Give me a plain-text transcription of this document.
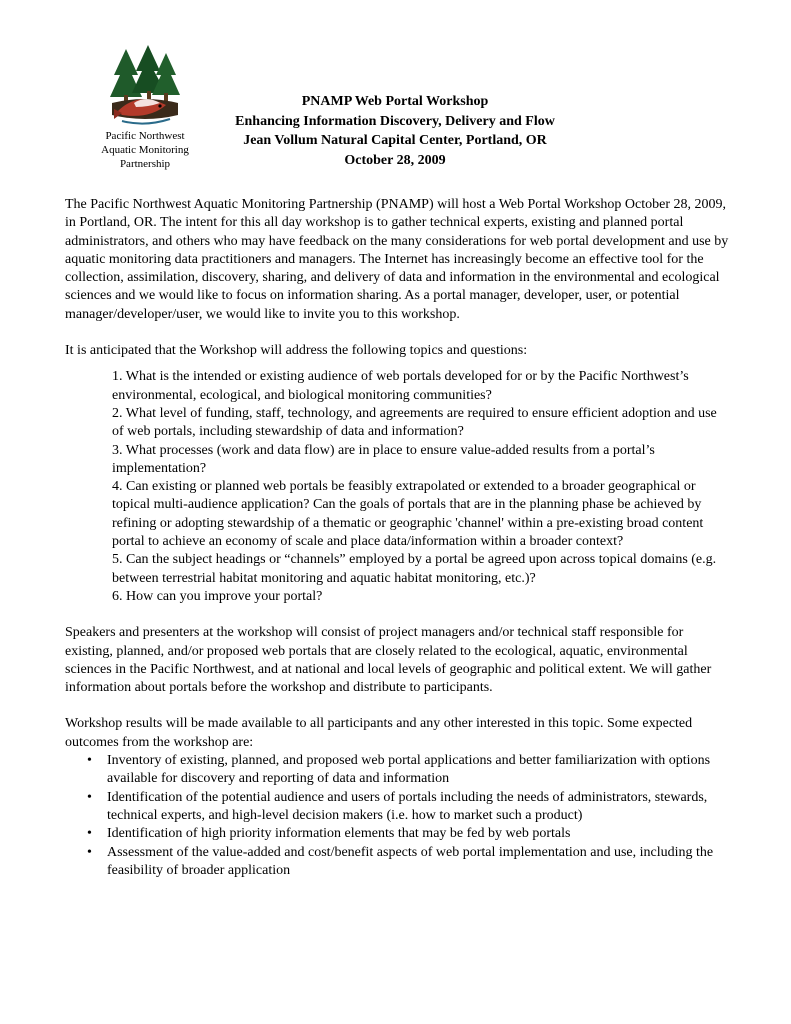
Pacific Northwest
Aquatic Monitoring
Partnership
PNAMP Web Portal Workshop
Enhancing Information Discovery, Delivery and Flow
Jean Vollum Natural Capital Center, Portland, OR
October 28, 2009

The Pacific Northwest Aquatic Monitoring Partnership (PNAMP) will host a Web Portal Workshop October 28, 2009, in Portland, OR. The intent for this all day workshop is to gather technical experts, existing and planned portal administrators, and others who may have feedback on the many considerations for web portal development and use by aquatic monitoring data practitioners and managers. The Internet has increasingly become an effective tool for the collection, assimilation, discovery, sharing, and delivery of data and information in the environmental and ecological sciences and we would like to focus on information sharing. As a portal manager, developer, user, or potential manager/developer/user, we would like to invite you to this workshop.

It is anticipated that the Workshop will address the following topics and questions:

1. What is the intended or existing audience of web portals developed for or by the Pacific Northwest’s environmental, ecological, and biological monitoring communities?
2. What level of funding, staff, technology, and agreements are required to ensure efficient adoption and use of web portals, including stewardship of data and information?
3. What processes (work and data flow) are in place to ensure value-added results from a portal’s implementation?
4. Can existing or planned web portals be feasibly extrapolated or extended to a broader geographical or topical multi-audience application? Can the goals of portals that are in the planning phase be achieved by refining or adopting stewardship of a thematic or geographic 'channel' within a pre-existing broad content portal to achieve an economy of scale and place data/information within a broader context?
5. Can the subject headings or “channels” employed by a portal be agreed upon across topical domains (e.g. between terrestrial habitat monitoring and aquatic habitat monitoring, etc.)?
6. How can you improve your portal?

Speakers and presenters at the workshop will consist of project managers and/or technical staff responsible for existing, planned, and/or proposed web portals that are closely related to the ecological, aquatic, environmental sciences in the Pacific Northwest, and at national and local levels of geographic and political extent. We will gather information about portals before the workshop and distribute to participants.

Workshop results will be made available to all participants and any other interested in this topic. Some expected outcomes from the workshop are:

• Inventory of existing, planned, and proposed web portal applications and better familiarization with options available for discovery and reporting of data and information
• Identification of the potential audience and users of portals including the needs of administrators, stewards, technical experts, and high-level decision makers (i.e. how to market such a product)
• Identification of high priority information elements that may be fed by web portals
• Assessment of the value-added and cost/benefit aspects of web portal implementation and use, including the feasibility of broader application
